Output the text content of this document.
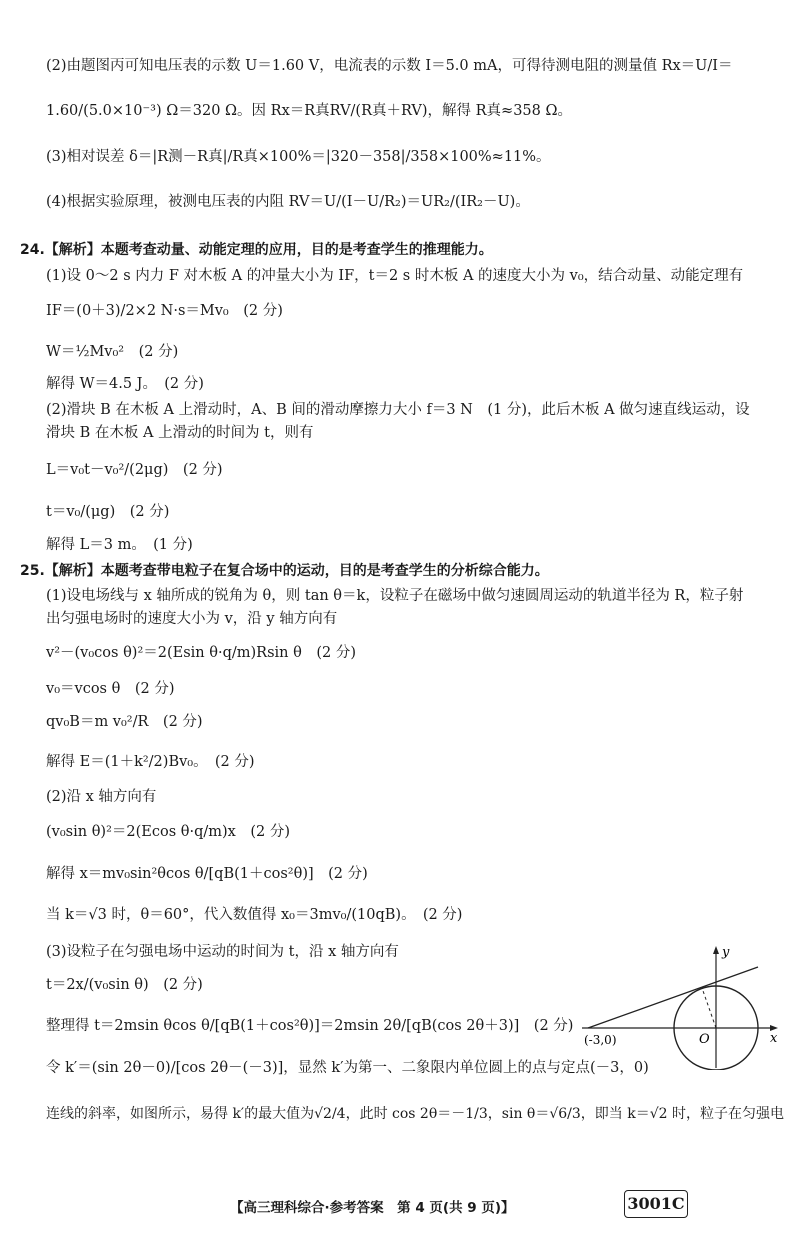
(2)由题图丙可知电压表的示数 U＝1.60 V，电流表的示数 I＝5.0 mA，可得待测电阻的测量值 Rx＝U/I＝
1.60/(5.0×10⁻³) Ω＝320 Ω。因 Rx＝R真RV/(R真＋RV)，解得 R真≈358 Ω。
(3)相对误差 δ＝|R测－R真|/R真×100%＝|320－358|/358×100%≈11%。
(4)根据实验原理，被测电压表的内阻 RV＝U/(I－U/R₂)＝UR₂/(IR₂－U)。
24.【解析】本题考查动量、动能定理的应用，目的是考查学生的推理能力。
(1)设 0～2 s 内力 F 对木板 A 的冲量大小为 IF，t＝2 s 时木板 A 的速度大小为 v₀，结合动量、动能定理有
IF＝(0＋3)/2×2 N·s＝Mv₀　(2 分)
W＝½Mv₀²　(2 分)
解得 W＝4.5 J。　(2 分)
(2)滑块 B 在木板 A 上滑动时，A、B 间的滑动摩擦力大小 f＝3 N　(1 分)，此后木板 A 做匀速直线运动，设
滑块 B 在木板 A 上滑动的时间为 t，则有
L＝v₀t－v₀²/(2μg)　(2 分)
t＝v₀/(μg)　(2 分)
解得 L＝3 m。　(1 分)
25.【解析】本题考查带电粒子在复合场中的运动，目的是考查学生的分析综合能力。
(1)设电场线与 x 轴所成的锐角为 θ，则 tan θ＝k，设粒子在磁场中做匀速圆周运动的轨道半径为 R，粒子射
出匀强电场时的速度大小为 v，沿 y 轴方向有
v²－(v₀cos θ)²＝2(Esin θ·q/m)Rsin θ　(2 分)
v₀＝vcos θ　(2 分)
qv₀B＝m v₀²/R　(2 分)
解得 E＝(1＋k²/2)Bv₀。　(2 分)
(2)沿 x 轴方向有
(v₀sin θ)²＝2(Ecos θ·q/m)x　(2 分)
解得 x＝mv₀sin²θcos θ/[qB(1＋cos²θ)]　(2 分)
当 k＝√3 时，θ＝60°，代入数值得 x₀＝3mv₀/(10qB)。　(2 分)
(3)设粒子在匀强电场中运动的时间为 t，沿 x 轴方向有
t＝2x/(v₀sin θ)　(2 分)
整理得 t＝2msin θcos θ/[qB(1＋cos²θ)]＝2msin 2θ/[qB(cos 2θ＋3)]　(2 分)
令 k′＝(sin 2θ－0)/[cos 2θ－(－3)]，显然 k′为第一、二象限内单位圆上的点与定点(－3，0)
连线的斜率，如图所示，易得 k′的最大值为√2/4，此时 cos 2θ＝－1/3，sin θ＝√6/3，即当 k＝√2 时，粒子在匀强电
y
x
O
(-3,0)
【高三理科综合·参考答案　第 4 页(共 9 页)】	3001C
